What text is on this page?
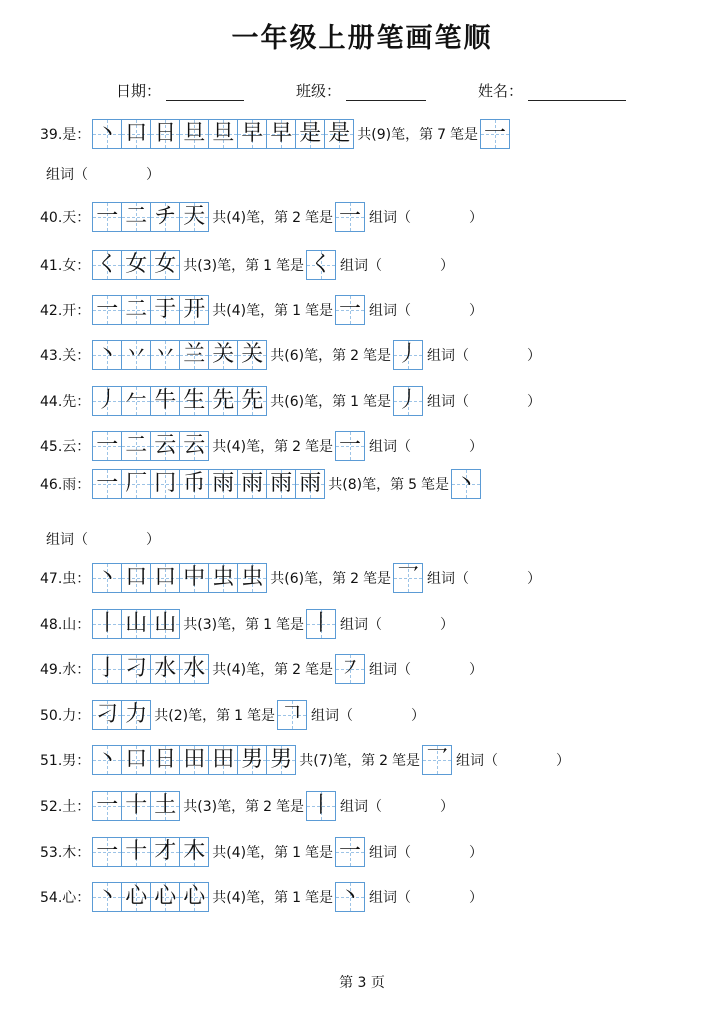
一年级上册笔画笔顺
日期：	班级：	姓名：
39.是： 丶 口 日 旦 旦 早 早 是 是 共(9)笔，第 7 笔是 一
组词（	）
40.天： 一 二 チ 天 共(4)笔，第 2 笔是 一 组词（	）
41.女： く 女 女 共(3)笔，第 1 笔是 く 组词（	）
42.开： 一 二 于 开 共(4)笔，第 1 笔是 一 组词（	）
43.关： 丶 丷 丷 兰 关 关 共(6)笔，第 2 笔是 丿 组词（	）
44.先： 丿 𠂉 牛 生 先 先 共(6)笔，第 1 笔是 丿 组词（	）
45.云： 一 二 云 云 共(4)笔，第 2 笔是 一 组词（	）
46.雨： 一 厂 冂 币 雨 雨 雨 雨 共(8)笔，第 5 笔是 丶
组词（	）
47.虫： 丶 口 口 中 虫 虫 共(6)笔，第 2 笔是 乛 组词（	）
48.山： 丨 山 山 共(3)笔，第 1 笔是 丨 组词（	）
49.水： 亅 刁 水 水 共(4)笔，第 2 笔是 ㇇ 组词（	）
50.力： 刁 力 共(2)笔，第 1 笔是 𠃍 组词（	）
51.男： 丶 口 日 田 田 男 男 共(7)笔，第 2 笔是 乛 组词（	）
52.土： 一 十 土 共(3)笔，第 2 笔是 丨 组词（	）
53.木： 一 十 才 木 共(4)笔，第 1 笔是 一 组词（	）
54.心： 丶 心 心 心 共(4)笔，第 1 笔是 丶 组词（	）
第 3 页
